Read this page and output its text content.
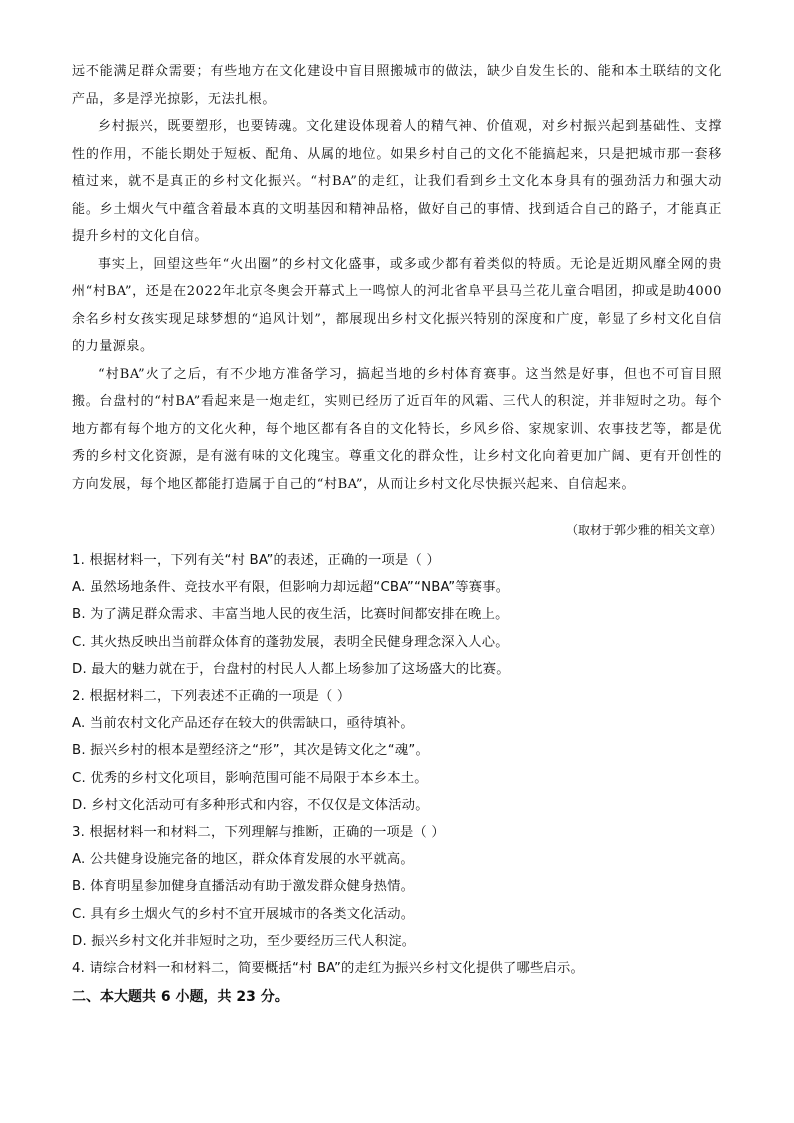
远不能满足群众需要；有些地方在文化建设中盲目照搬城市的做法，缺少自发生长的、能和本土联结的文化产品，多是浮光掠影，无法扎根。

乡村振兴，既要塑形，也要铸魂。文化建设体现着人的精气神、价值观，对乡村振兴起到基础性、支撑性的作用，不能长期处于短板、配角、从属的地位。如果乡村自己的文化不能搞起来，只是把城市那一套移植过来，就不是真正的乡村文化振兴。“村BA”的走红，让我们看到乡土文化本身具有的强劲活力和强大动能。乡土烟火气中蕴含着最本真的文明基因和精神品格，做好自己的事情、找到适合自己的路子，才能真正提升乡村的文化自信。

事实上，回望这些年“火出圈”的乡村文化盛事，或多或少都有着类似的特质。无论是近期风靡全网的贵州“村BA”，还是在2022年北京冬奥会开幕式上一鸣惊人的河北省阜平县马兰花儿童合唱团，抑或是助4000余名乡村女孩实现足球梦想的“追风计划”，都展现出乡村文化振兴特别的深度和广度，彰显了乡村文化自信的力量源泉。

“村BA”火了之后，有不少地方准备学习，搞起当地的乡村体育赛事。这当然是好事，但也不可盲目照搬。台盘村的“村BA”看起来是一炮走红，实则已经历了近百年的风霜、三代人的积淀，并非短时之功。每个地方都有每个地方的文化火种，每个地区都有各自的文化特长，乡风乡俗、家规家训、农事技艺等，都是优秀的乡村文化资源，是有滋有味的文化瑰宝。尊重文化的群众性，让乡村文化向着更加广阔、更有开创性的方向发展，每个地区都能打造属于自己的“村BA”，从而让乡村文化尽快振兴起来、自信起来。

（取材于郭少雅的相关文章）
1. 根据材料一，下列有关“村 BA”的表述，正确的一项是（ ）
A. 虽然场地条件、竞技水平有限，但影响力却远超“CBA”“NBA”等赛事。
B. 为了满足群众需求、丰富当地人民的夜生活，比赛时间都安排在晚上。
C. 其火热反映出当前群众体育的蓬勃发展，表明全民健身理念深入人心。
D. 最大的魅力就在于，台盘村的村民人人都上场参加了这场盛大的比赛。
2. 根据材料二，下列表述不正确的一项是（ ）
A. 当前农村文化产品还存在较大的供需缺口，亟待填补。
B. 振兴乡村的根本是塑经济之“形”，其次是铸文化之“魂”。
C. 优秀的乡村文化项目，影响范围可能不局限于本乡本土。
D. 乡村文化活动可有多种形式和内容，不仅仅是文体活动。
3. 根据材料一和材料二，下列理解与推断，正确的一项是（ ）
A. 公共健身设施完备的地区，群众体育发展的水平就高。
B. 体育明星参加健身直播活动有助于激发群众健身热情。
C. 具有乡土烟火气的乡村不宜开展城市的各类文化活动。
D. 振兴乡村文化并非短时之功，至少要经历三代人积淀。
4. 请综合材料一和材料二，简要概括“村 BA”的走红为振兴乡村文化提供了哪些启示。
二、本大题共 6 小题，共 23 分。
